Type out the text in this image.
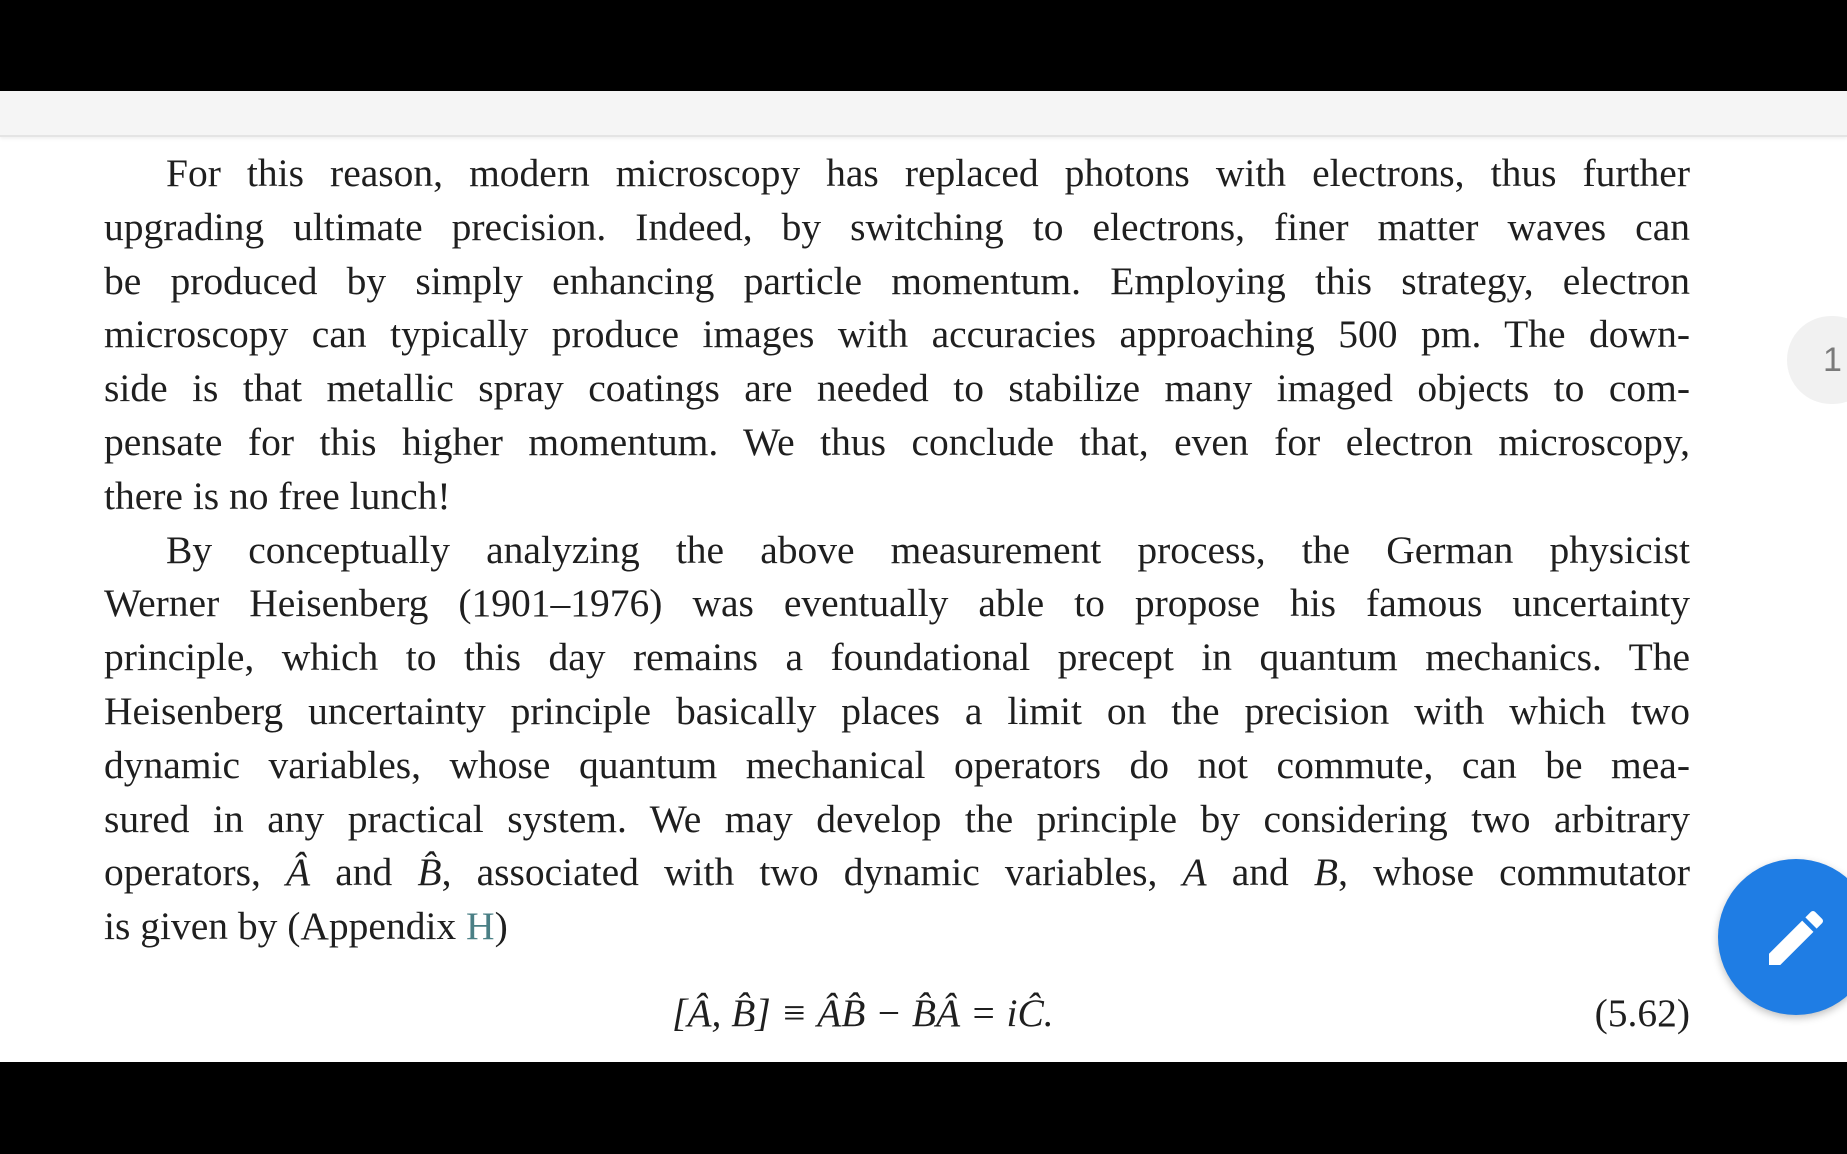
For this reason, modern microscopy has replaced photons with electrons, thus further
upgrading ultimate precision. Indeed, by switching to electrons, finer matter waves can
be produced by simply enhancing particle momentum. Employing this strategy, electron
microscopy can typically produce images with accuracies approaching 500 pm. The down-
side is that metallic spray coatings are needed to stabilize many imaged objects to com-
pensate for this higher momentum. We thus conclude that, even for electron microscopy,
there is no free lunch!
By conceptually analyzing the above measurement process, the German physicist
Werner Heisenberg (1901–1976) was eventually able to propose his famous uncertainty
principle, which to this day remains a foundational precept in quantum mechanics. The
Heisenberg uncertainty principle basically places a limit on the precision with which two
dynamic variables, whose quantum mechanical operators do not commute, can be mea-
sured in any practical system. We may develop the principle by considering two arbitrary
operators, Â and B̂, associated with two dynamic variables, A and B, whose commutator
is given by (Appendix H)
[Â, B̂] ≡ ÂB̂ − B̂Â = iĈ.	(5.62)
1
